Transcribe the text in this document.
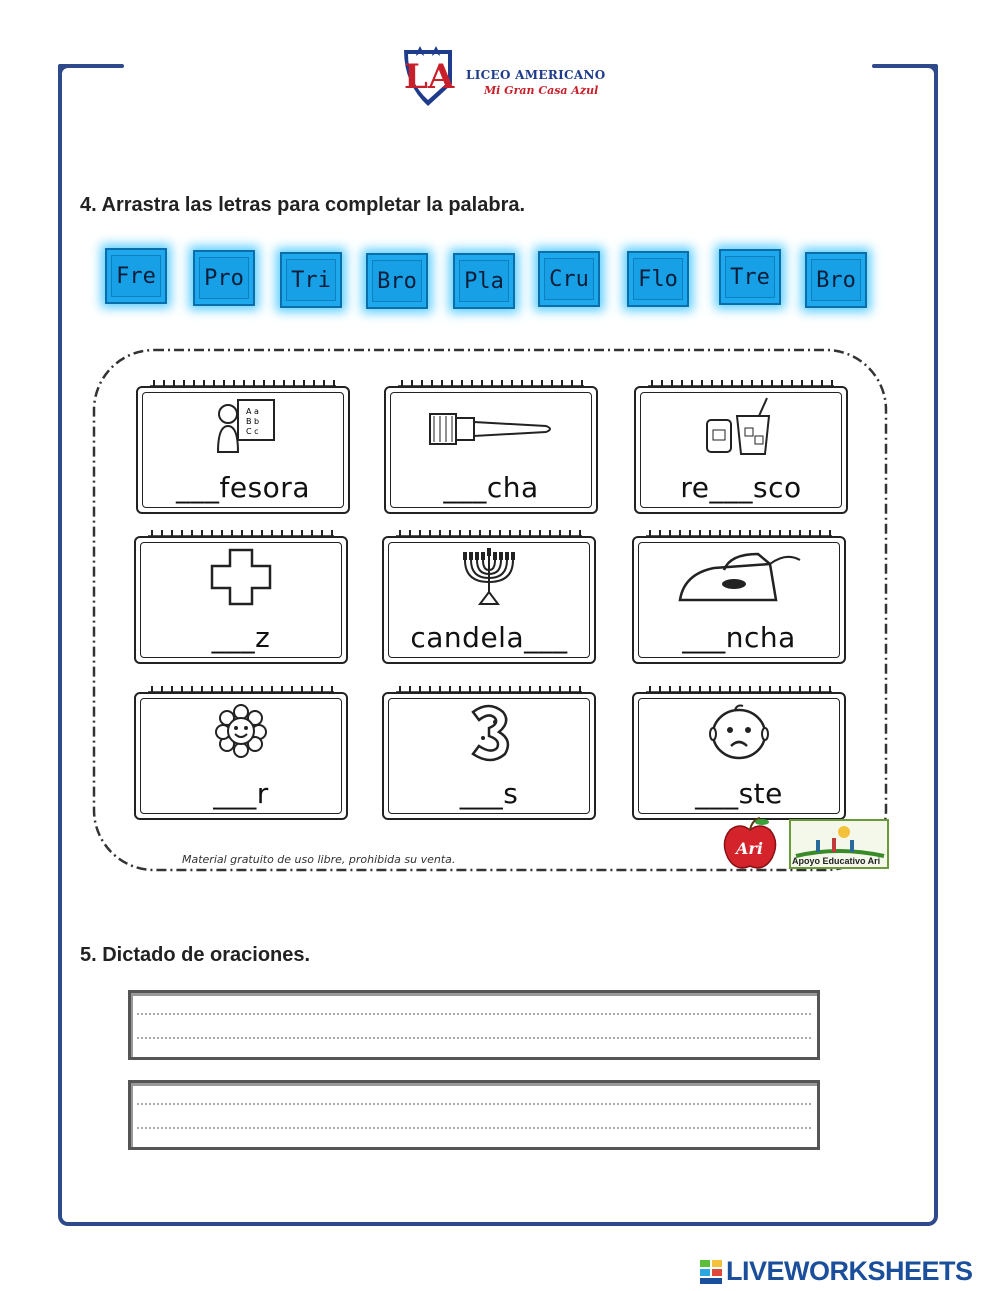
LA LICEO AMERICANO
Mi Gran Casa Azul
4. Arrastra las letras para completar la palabra.
Fre Pro Tri Bro Pla Cru Flo Tre Bro
A a
B b
C c
___fesora	___cha	re___sco
___z	candela___	___ncha
___r	___s	___ste
Material gratuito de uso libre, prohibida su venta.
Ari
Apoyo Educativo Ari
5. Dictado de oraciones.
LIVEWORKSHEETS
